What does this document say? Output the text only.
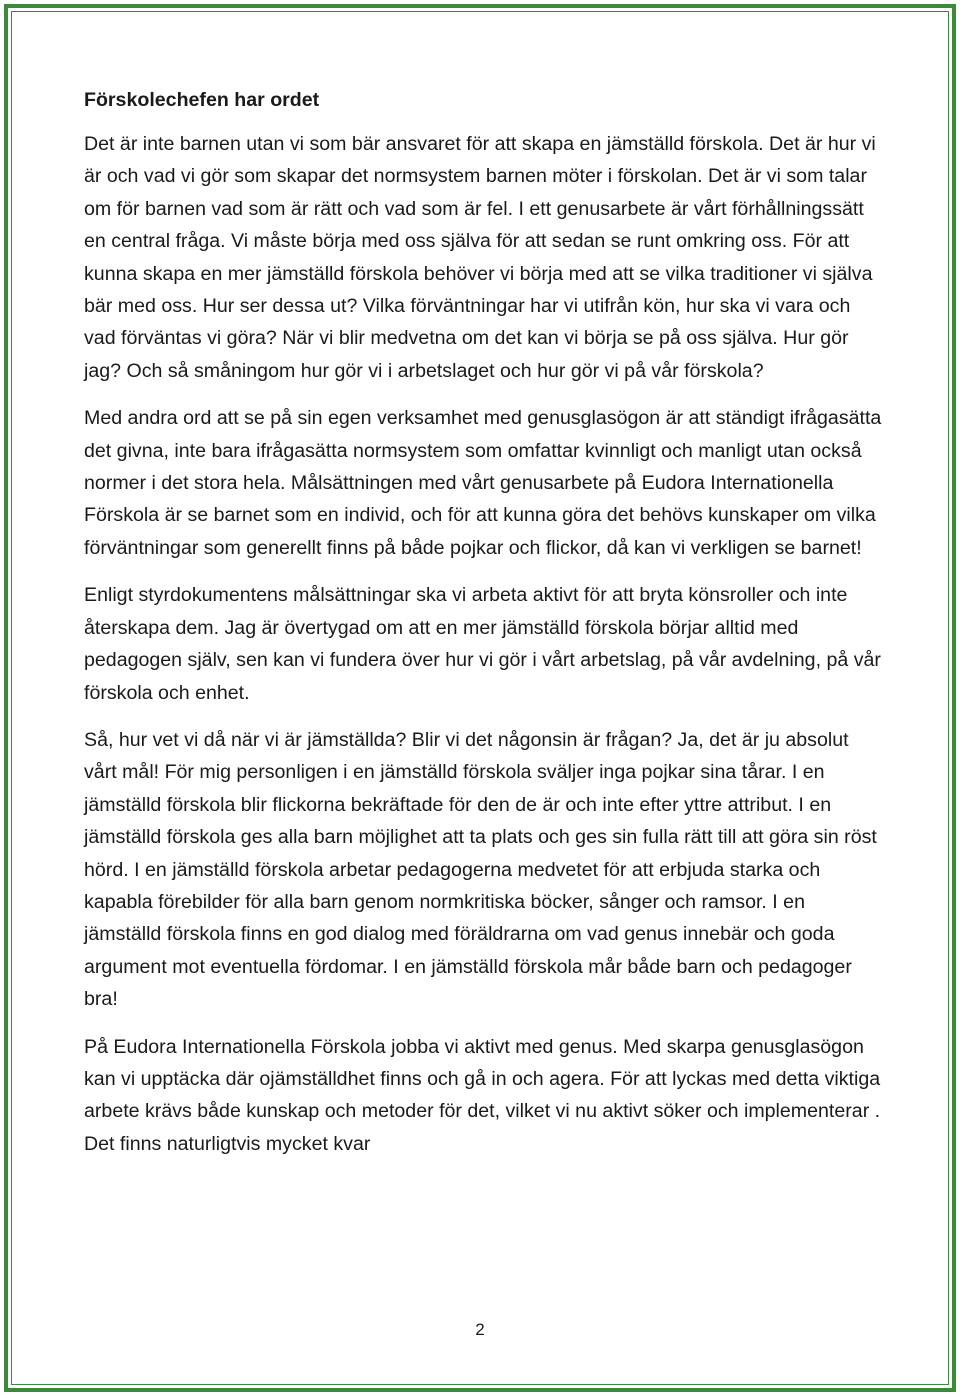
Förskolechefen har ordet

Det är inte barnen utan vi som bär ansvaret för att skapa en jämställd förskola. Det är hur vi är och vad vi gör som skapar det normsystem barnen möter i förskolan. Det är vi som talar om för barnen vad som är rätt och vad som är fel. I ett genusarbete är vårt förhållningssätt en central fråga. Vi måste börja med oss själva för att sedan se runt omkring oss. För att kunna skapa en mer jämställd förskola behöver vi börja med att se vilka traditioner vi själva bär med oss. Hur ser dessa ut? Vilka förväntningar har vi utifrån kön, hur ska vi vara och vad förväntas vi göra? När vi blir medvetna om det kan vi börja se på oss själva. Hur gör jag? Och så småningom hur gör vi i arbetslaget och hur gör vi på vår förskola?

Med andra ord att se på sin egen verksamhet med genusglasögon är att ständigt ifrågasätta det givna, inte bara ifrågasätta normsystem som omfattar kvinnligt och manligt utan också normer i det stora hela. Målsättningen med vårt genusarbete på Eudora Internationella Förskola är se barnet som en individ, och för att kunna göra det behövs kunskaper om vilka förväntningar som generellt finns på både pojkar och flickor, då kan vi verkligen se barnet!

Enligt styrdokumentens målsättningar ska vi arbeta aktivt för att bryta könsroller och inte återskapa dem. Jag är övertygad om att en mer jämställd förskola börjar alltid med pedagogen själv, sen kan vi fundera över hur vi gör i vårt arbetslag, på vår avdelning, på vår förskola och enhet.

Så, hur vet vi då när vi är jämställda? Blir vi det någonsin är frågan? Ja, det är ju absolut vårt mål! För mig personligen i en jämställd förskola sväljer inga pojkar sina tårar. I en jämställd förskola blir flickorna bekräftade för den de är och inte efter yttre attribut. I en jämställd förskola ges alla barn möjlighet att ta plats och ges sin fulla rätt till att göra sin röst hörd. I en jämställd förskola arbetar pedagogerna medvetet för att erbjuda starka och kapabla förebilder för alla barn genom normkritiska böcker, sånger och ramsor. I en jämställd förskola finns en god dialog med föräldrarna om vad genus innebär och goda argument mot eventuella fördomar. I en jämställd förskola mår både barn och pedagoger bra!

På Eudora Internationella Förskola jobba vi aktivt med genus. Med skarpa genusglasögon kan vi upptäcka där ojämställdhet finns och gå in och agera. För att lyckas med detta viktiga arbete krävs både kunskap och metoder för det, vilket vi nu aktivt söker och implementerar . Det finns naturligtvis mycket kvar

2
